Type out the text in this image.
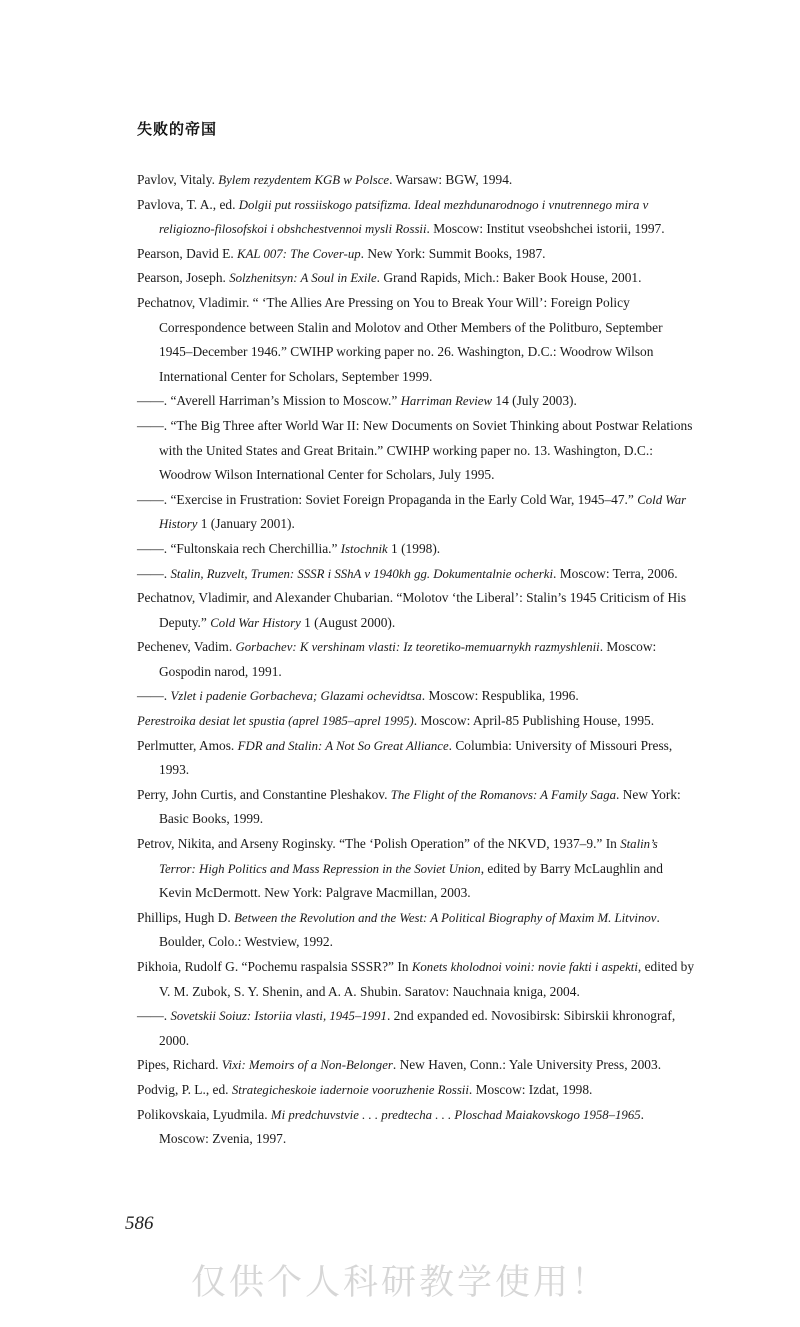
失败的帝国

Pavlov, Vitaly. Bylem rezydentem KGB w Polsce. Warsaw: BGW, 1994.

Pavlova, T. A., ed. Dolgii put rossiiskogo patsifizma. Ideal mezhdunarodnogo i vnutrennego mira v religiozno-filosofskoi i obshchestvennoi mysli Rossii. Moscow: Institut vseobshchei istorii, 1997.

Pearson, David E. KAL 007: The Cover-up. New York: Summit Books, 1987.

Pearson, Joseph. Solzhenitsyn: A Soul in Exile. Grand Rapids, Mich.: Baker Book House, 2001.

Pechatnov, Vladimir. “ ‘The Allies Are Pressing on You to Break Your Will’: Foreign Policy Correspondence between Stalin and Molotov and Other Members of the Politburo, September 1945–December 1946.” CWIHP working paper no. 26. Washington, D.C.: Woodrow Wilson International Center for Scholars, September 1999.

——. “Averell Harriman’s Mission to Moscow.” Harriman Review 14 (July 2003).

——. “The Big Three after World War II: New Documents on Soviet Thinking about Postwar Relations with the United States and Great Britain.” CWIHP working paper no. 13. Washington, D.C.: Woodrow Wilson International Center for Scholars, July 1995.

——. “Exercise in Frustration: Soviet Foreign Propaganda in the Early Cold War, 1945–47.” Cold War History 1 (January 2001).

——. “Fultonskaia rech Cherchillia.” Istochnik 1 (1998).

——. Stalin, Ruzvelt, Trumen: SSSR i SShA v 1940kh gg. Dokumentalnie ocherki. Moscow: Terra, 2006.

Pechatnov, Vladimir, and Alexander Chubarian. “Molotov ‘the Liberal’: Stalin’s 1945 Criticism of His Deputy.” Cold War History 1 (August 2000).

Pechenev, Vadim. Gorbachev: K vershinam vlasti: Iz teoretiko-memuarnykh razmyshlenii. Moscow: Gospodin narod, 1991.

——. Vzlet i padenie Gorbacheva; Glazami ochevidtsa. Moscow: Respublika, 1996.

Perestroika desiat let spustia (aprel 1985–aprel 1995). Moscow: April-85 Publishing House, 1995.

Perlmutter, Amos. FDR and Stalin: A Not So Great Alliance. Columbia: University of Missouri Press, 1993.

Perry, John Curtis, and Constantine Pleshakov. The Flight of the Romanovs: A Family Saga. New York: Basic Books, 1999.

Petrov, Nikita, and Arseny Roginsky. “The ‘Polish Operation” of the NKVD, 1937–9.” In Stalin’s Terror: High Politics and Mass Repression in the Soviet Union, edited by Barry McLaughlin and Kevin McDermott. New York: Palgrave Macmillan, 2003.

Phillips, Hugh D. Between the Revolution and the West: A Political Biography of Maxim M. Litvinov. Boulder, Colo.: Westview, 1992.

Pikhoia, Rudolf G. “Pochemu raspalsia SSSR?” In Konets kholodnoi voini: novie fakti i aspekti, edited by V. M. Zubok, S. Y. Shenin, and A. A. Shubin. Saratov: Nauchnaia kniga, 2004.

——. Sovetskii Soiuz: Istoriia vlasti, 1945–1991. 2nd expanded ed. Novosibirsk: Sibirskii khronograf, 2000.

Pipes, Richard. Vixi: Memoirs of a Non-Belonger. New Haven, Conn.: Yale University Press, 2003.

Podvig, P. L., ed. Strategicheskoie iadernoie vooruzhenie Rossii. Moscow: Izdat, 1998.

Polikovskaia, Lyudmila. Mi predchuvstvie . . . predtecha . . . Ploschad Maiakovskogo 1958–1965. Moscow: Zvenia, 1997.

586
仅供个人科研教学使用！
